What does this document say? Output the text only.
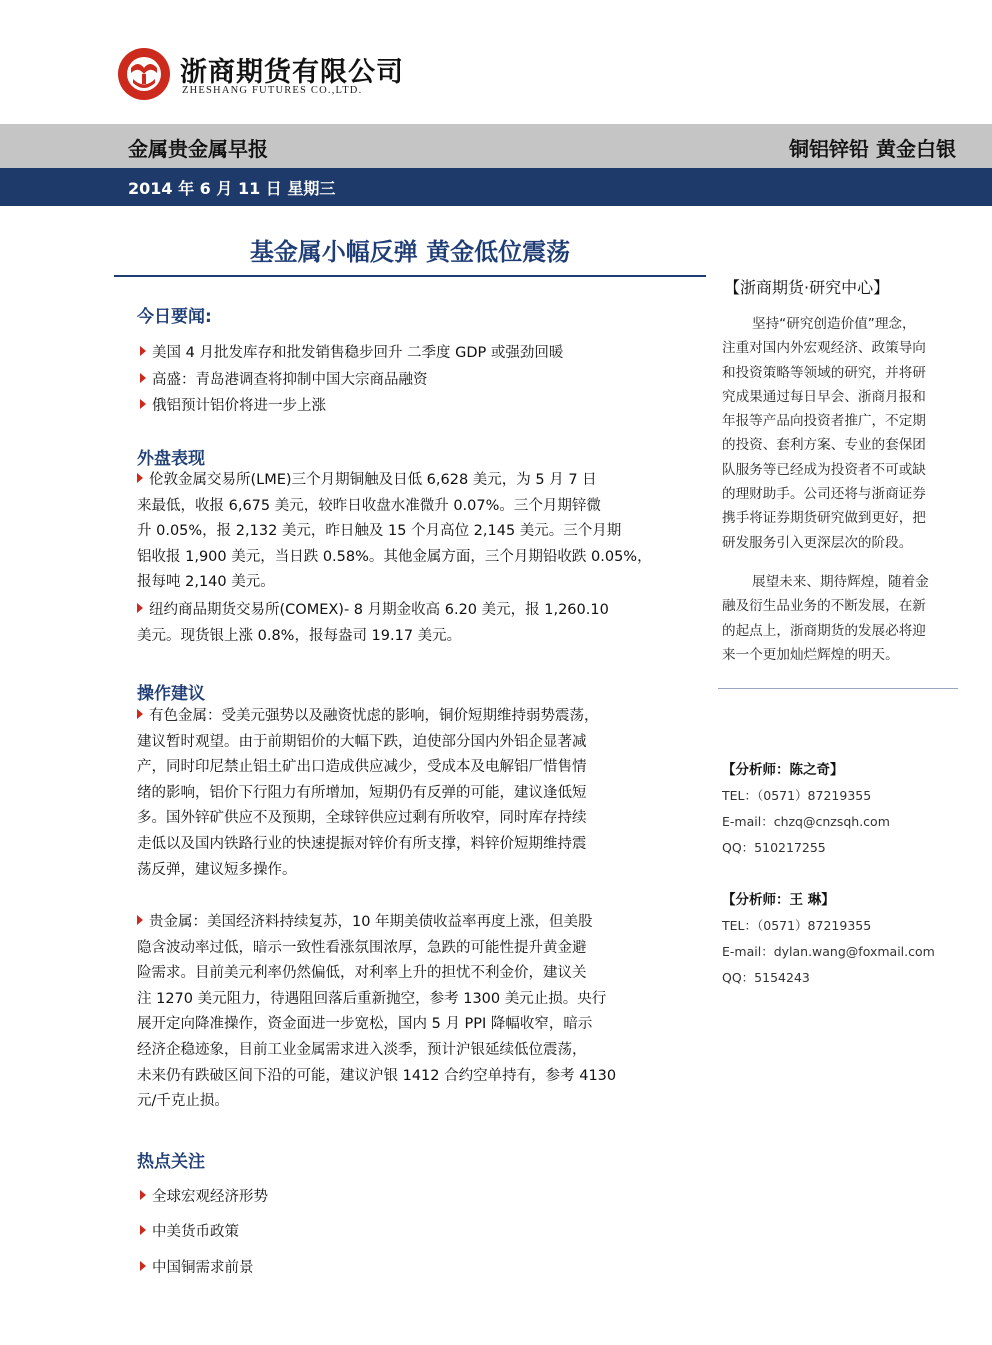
浙商期货有限公司
ZHESHANG FUTURES CO.,LTD.
金属贵金属早报	铜铝锌铅 黄金白银
2014 年 6 月 11 日 星期三
基金属小幅反弹 黄金低位震荡
今日要闻:
美国 4 月批发库存和批发销售稳步回升 二季度 GDP 或强劲回暖
高盛：青岛港调查将抑制中国大宗商品融资
俄铝预计铝价将进一步上涨
外盘表现
伦敦金属交易所(LME)三个月期铜触及日低 6,628 美元，为 5 月 7 日
来最低，收报 6,675 美元，较昨日收盘水准微升 0.07%。三个月期锌微
升 0.05%，报 2,132 美元，昨日触及 15 个月高位 2,145 美元。三个月期
铝收报 1,900 美元，当日跌 0.58%。其他金属方面，三个月期铅收跌 0.05%，
报每吨 2,140 美元。
纽约商品期货交易所(COMEX)- 8 月期金收高 6.20 美元，报 1,260.10
美元。现货银上涨 0.8%，报每盎司 19.17 美元。
操作建议
有色金属：受美元强势以及融资忧虑的影响，铜价短期维持弱势震荡，
建议暂时观望。由于前期铝价的大幅下跌，迫使部分国内外铝企显著减
产，同时印尼禁止铝土矿出口造成供应减少，受成本及电解铝厂惜售情
绪的影响，铝价下行阻力有所增加，短期仍有反弹的可能，建议逢低短
多。国外锌矿供应不及预期，全球锌供应过剩有所收窄，同时库存持续
走低以及国内铁路行业的快速提振对锌价有所支撑，料锌价短期维持震
荡反弹，建议短多操作。
贵金属：美国经济料持续复苏，10 年期美债收益率再度上涨，但美股
隐含波动率过低，暗示一致性看涨氛围浓厚，急跌的可能性提升黄金避
险需求。目前美元利率仍然偏低，对利率上升的担忧不利金价，建议关
注 1270 美元阻力，待遇阻回落后重新抛空，参考 1300 美元止损。央行
展开定向降准操作，资金面进一步宽松，国内 5 月 PPI 降幅收窄，暗示
经济企稳迹象，目前工业金属需求进入淡季，预计沪银延续低位震荡，
未来仍有跌破区间下沿的可能，建议沪银 1412 合约空单持有，参考 4130
元/千克止损。
热点关注
全球宏观经济形势
中美货币政策
中国铜需求前景
【浙商期货·研究中心】
坚持“研究创造价值”理念，
注重对国内外宏观经济、政策导向
和投资策略等领域的研究，并将研
究成果通过每日早会、浙商月报和
年报等产品向投资者推广，不定期
的投资、套利方案、专业的套保团
队服务等已经成为投资者不可或缺
的理财助手。公司还将与浙商证券
携手将证券期货研究做到更好，把
研发服务引入更深层次的阶段。
展望未来、期待辉煌，随着金
融及衍生品业务的不断发展，在新
的起点上，浙商期货的发展必将迎
来一个更加灿烂辉煌的明天。
【分析师：陈之奇】
TEL：（0571）87219355
E-mail：chzq@cnzsqh.com
QQ：510217255
【分析师：王 琳】
TEL：（0571）87219355
E-mail：dylan.wang@foxmail.com
QQ：5154243
